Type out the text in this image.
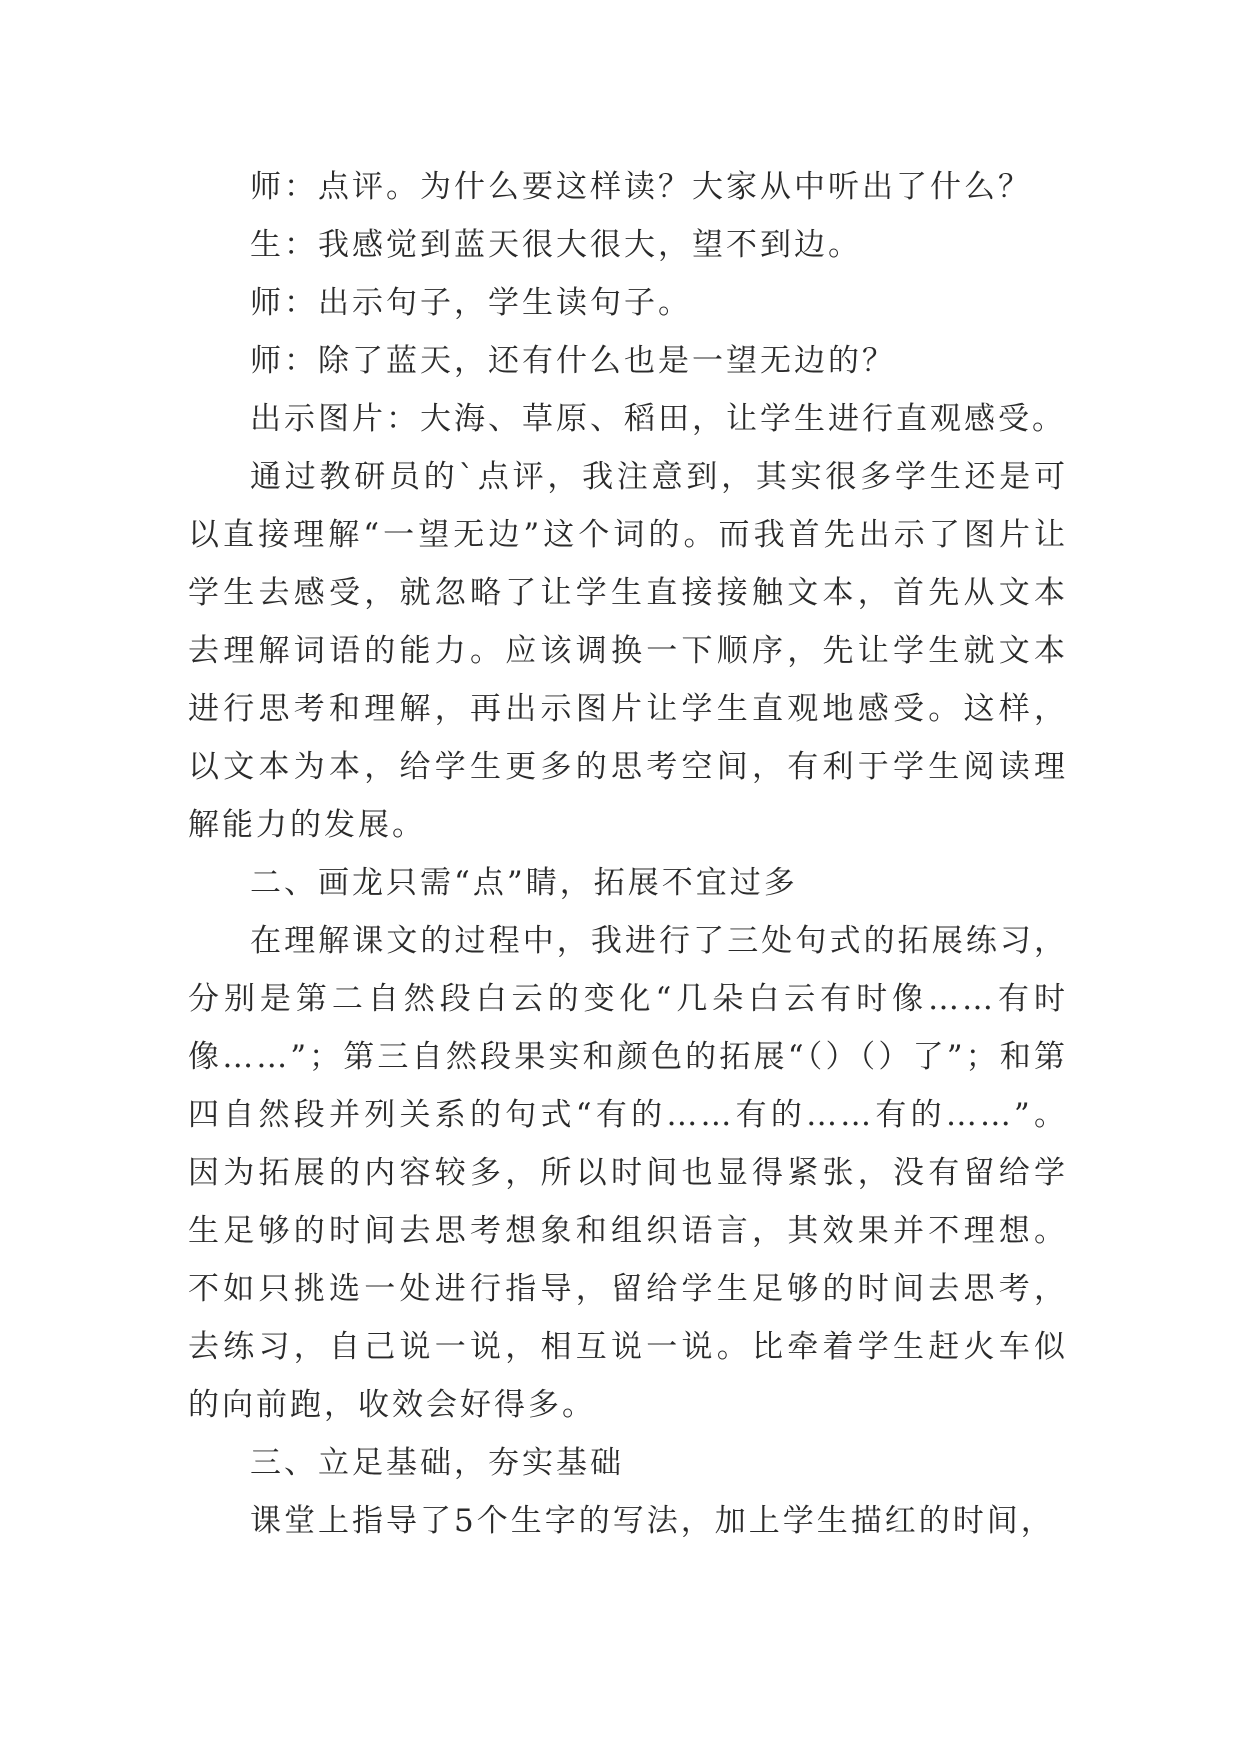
师：点评。为什么要这样读？大家从中听出了什么？

生：我感觉到蓝天很大很大，望不到边。

师：出示句子，学生读句子。

师：除了蓝天，还有什么也是一望无边的？

出示图片：大海、草原、稻田，让学生进行直观感受。

通过教研员的`点评，我注意到，其实很多学生还是可以直接理解“一望无边”这个词的。而我首先出示了图片让学生去感受，就忽略了让学生直接接触文本，首先从文本去理解词语的能力。应该调换一下顺序，先让学生就文本进行思考和理解，再出示图片让学生直观地感受。这样，以文本为本，给学生更多的思考空间，有利于学生阅读理解能力的发展。

二、画龙只需“点”睛，拓展不宜过多

在理解课文的过程中，我进行了三处句式的拓展练习，分别是第二自然段白云的变化“几朵白云有时像……有时像……”；第三自然段果实和颜色的拓展“（）（）了”；和第四自然段并列关系的句式“有的……有的……有的……”。因为拓展的内容较多，所以时间也显得紧张，没有留给学生足够的时间去思考想象和组织语言，其效果并不理想。不如只挑选一处进行指导，留给学生足够的时间去思考，去练习，自己说一说，相互说一说。比牵着学生赶火车似的向前跑，收效会好得多。

三、立足基础，夯实基础

课堂上指导了5个生字的写法，加上学生描红的时间，
